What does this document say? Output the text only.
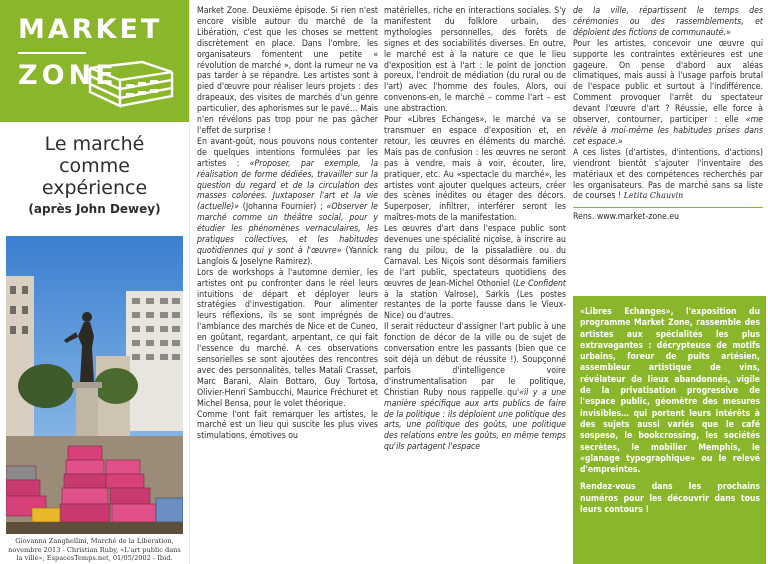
MARKET
ZONE
Le marché
comme
expérience
(après John Dewey)
Giovanna Zanghellini, Marché de la Libération, novembre 2013 - Christian Ruby, «L'art public dans la ville», EspacesTemps.net, 01/05/2002 - Ibid.

Market Zone. Deuxième épisode. Si rien n'est encore visible autour du marché de la Libération, c'est que les choses se mettent discrètement en place. Dans l'ombre, les organisateurs fomentent une petite « révolution de marché », dont la rumeur ne va pas tarder à se répandre. Les artistes sont à pied d'œuvre pour réaliser leurs projets : des drapeaux, des visites de marchés d'un genre particulier, des aphorismes sur le pavé… Mais n'en révélons pas trop pour ne pas gâcher l'effet de surprise !

En avant-goût, nous pouvons nous contenter de quelques intentions formulées par les artistes : «Proposer, par exemple, la réalisation de forme dédiées, travailler sur la question du regard et de la circulation des masses colorées. Juxtaposer l'art et la vie (actuelle)» (Johanna Fournier) ; «Observer le marché comme un théâtre social, pour y étudier les phénomènes vernaculaires, les pratiques collectives, et les habitudes quotidiennes qui y sont à l'œuvre» (Yannick Langlois & Joselyne Ramirez).

Lors de workshops à l'automne dernier, les artistes ont pu confronter dans le réel leurs intuitions de départ et déployer leurs stratégies d'investigation. Pour alimenter leurs réflexions, ils se sont imprégnés de l'ambiance des marchés de Nice et de Cuneo, en goûtant, regardant, arpentant, ce qui fait l'essence du marché. A ces observations sensorielles se sont ajoutées des rencontres avec des personnalités, telles Matali Crasset, Marc Barani, Alain Bottaro, Guy Tortosa, Olivier-Henri Sambucchi, Maurice Fréchuret et Michel Bensa, pour le volet théorique.

Comme l'ont fait remarquer les artistes, le marché est un lieu qui suscite les plus vives stimulations, émotives ou

matérielles, riche en interactions sociales. S'y manifestent du folklore urbain, des mythologies personnelles, des forêts de signes et des sociabilités diverses. En outre, le marché est à la nature ce que le lieu d'exposition est à l'art : le point de jonction poreux, l'endroit de médiation (du rural ou de l'art) avec l'homme des foules. Alors, oui convenons-en, le marché – comme l'art – est une abstraction.

Pour «Libres Echanges», le marché va se transmuer en espace d'exposition et, en retour, les œuvres en éléments du marché. Mais pas de confusion : les œuvres ne seront pas à vendre, mais à voir, écouter, lire, pratiquer, etc. Au «spectacle du marché», les artistes vont ajouter quelques acteurs, créer des scènes inédites ou étager des décors. Superposer, infiltrer, interférer seront les maîtres-mots de la manifestation.

Les œuvres d'art dans l'espace public sont devenues une spécialité niçoise, à inscrire au rang du pilou, de la pissaladière ou du Carnaval. Les Niçois sont désormais familiers de l'art public, spectateurs quotidiens des œuvres de Jean-Michel Othoniel (Le Confident à la station Valrose), Sarkis (Les postes restantes de la porte fausse dans le Vieux-Nice) ou d'autres.

Il serait réducteur d'assigner l'art public à une fonction de décor de la ville ou de sujet de conversation entre les passants (bien que ce soit déjà un début de réussite !). Soupçonné parfois d'intelligence voire d'instrumentalisation par le politique, Christian Ruby nous rappelle qu'«il y a une manière spécifique aux arts publics de faire de la politique : ils déploient une politique des arts, une politique des goûts, une politique des relations entre les goûts, en même temps qu'ils partagent l'espace

de la ville, répartissent le temps des cérémonies ou des rassemblements, et déploient des fictions de communauté.»

Pour les artistes, concevoir une œuvre qui supporte les contraintes extérieures est une gageure. On pense d'abord aux aléas climatiques, mais aussi à l'usage parfois brutal de l'espace public et surtout à l'indifférence. Comment provoquer l'arrêt du spectateur devant l'œuvre d'art ? Réussie, elle force à observer, contourner, participer : elle «me révèle à moi-même les habitudes prises dans cet espace.»

A ces listes (d'artistes, d'intentions, d'actions) viendront bientôt s'ajouter l'inventaire des matériaux et des compétences recherchés par les organisateurs. Pas de marché sans sa liste de courses ! Letita Chauvin

Rens. www.market-zone.eu

«Libres Echanges», l'exposition du programme Market Zone, rassemble des artistes aux spécialités les plus extravagantes : décrypteuse de motifs urbains, foreur de puits artésien, assembleur artistique de vins, révélateur de lieux abandonnés, vigile de la privatisation progressive de l'espace public, géomètre des mesures invisibles… qui portent leurs intérêts à des sujets aussi variés que le café sospeso, le bookcrossing, les sociétés secrètes, le mobilier Memphis, le «glanage typographique» ou le relevé d'empreintes.

Rendez-vous dans les prochains numéros pour les découvrir dans tous leurs contours !
